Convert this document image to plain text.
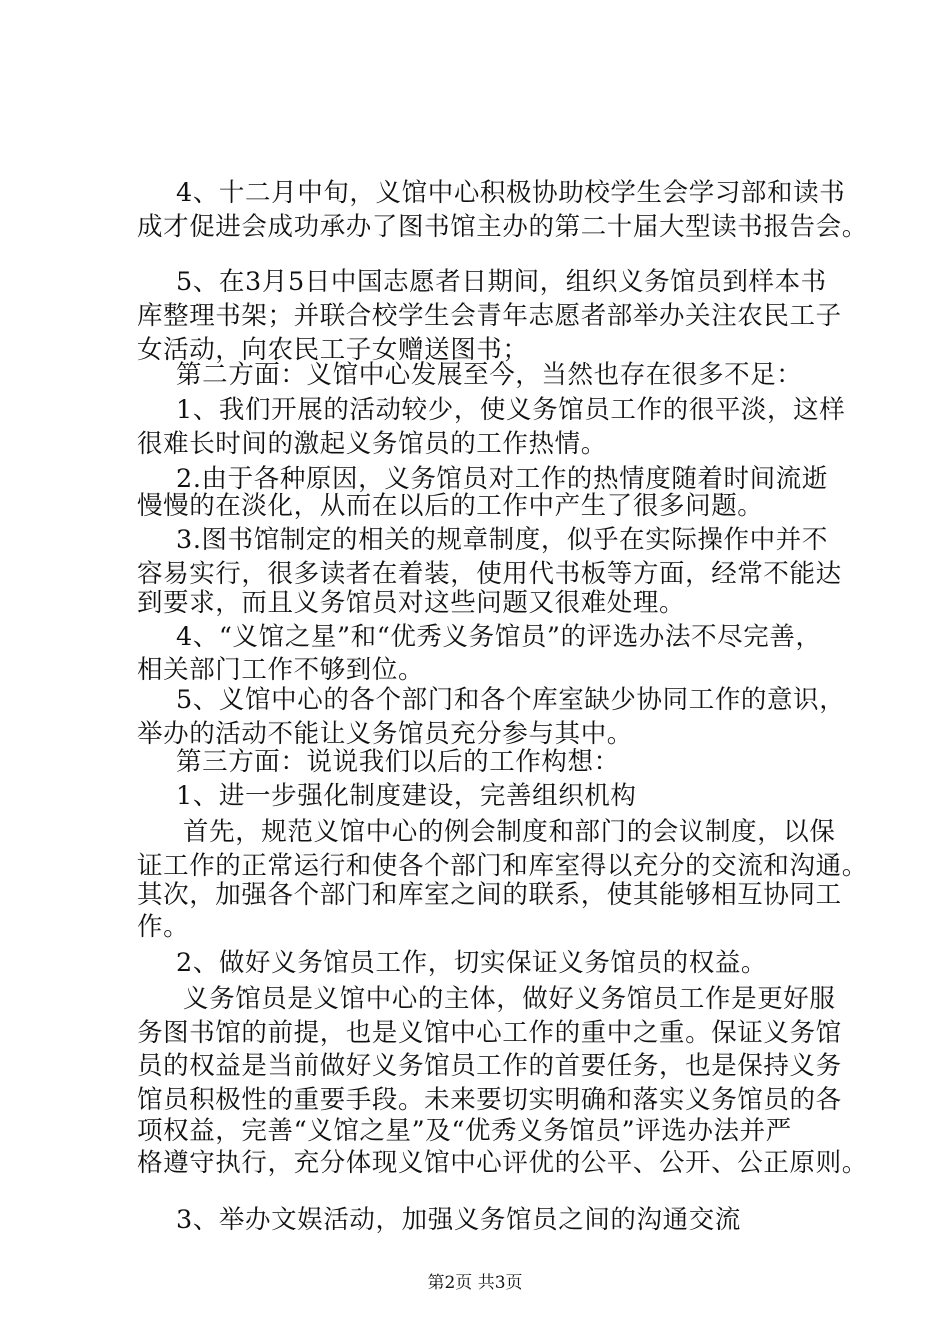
4、十二月中旬，义馆中心积极协助校学生会学习部和读书
成才促进会成功承办了图书馆主办的第二十届大型读书报告会。
5、在3月5日中国志愿者日期间，组织义务馆员到样本书
库整理书架；并联合校学生会青年志愿者部举办关注农民工子
女活动，向农民工子女赠送图书；
第二方面：义馆中心发展至今，当然也存在很多不足：
1、我们开展的活动较少，使义务馆员工作的很平淡，这样
很难长时间的激起义务馆员的工作热情。
2.由于各种原因，义务馆员对工作的热情度随着时间流逝
慢慢的在淡化，从而在以后的工作中产生了很多问题。
3.图书馆制定的相关的规章制度，似乎在实际操作中并不
容易实行，很多读者在着装，使用代书板等方面，经常不能达
到要求，而且义务馆员对这些问题又很难处理。
4、“义馆之星”和“优秀义务馆员”的评选办法不尽完善，
相关部门工作不够到位。
5、义馆中心的各个部门和各个库室缺少协同工作的意识，
举办的活动不能让义务馆员充分参与其中。
第三方面：说说我们以后的工作构想：
1、进一步强化制度建设，完善组织机构
首先，规范义馆中心的例会制度和部门的会议制度，以保
证工作的正常运行和使各个部门和库室得以充分的交流和沟通。
其次，加强各个部门和库室之间的联系，使其能够相互协同工
作。
2、做好义务馆员工作，切实保证义务馆员的权益。
义务馆员是义馆中心的主体，做好义务馆员工作是更好服
务图书馆的前提，也是义馆中心工作的重中之重。保证义务馆
员的权益是当前做好义务馆员工作的首要任务，也是保持义务
馆员积极性的重要手段。未来要切实明确和落实义务馆员的各
项权益，完善“义馆之星”及“优秀义务馆员”评选办法并严
格遵守执行，充分体现义馆中心评优的公平、公开、公正原则。
3、举办文娱活动，加强义务馆员之间的沟通交流
第2页 共3页
